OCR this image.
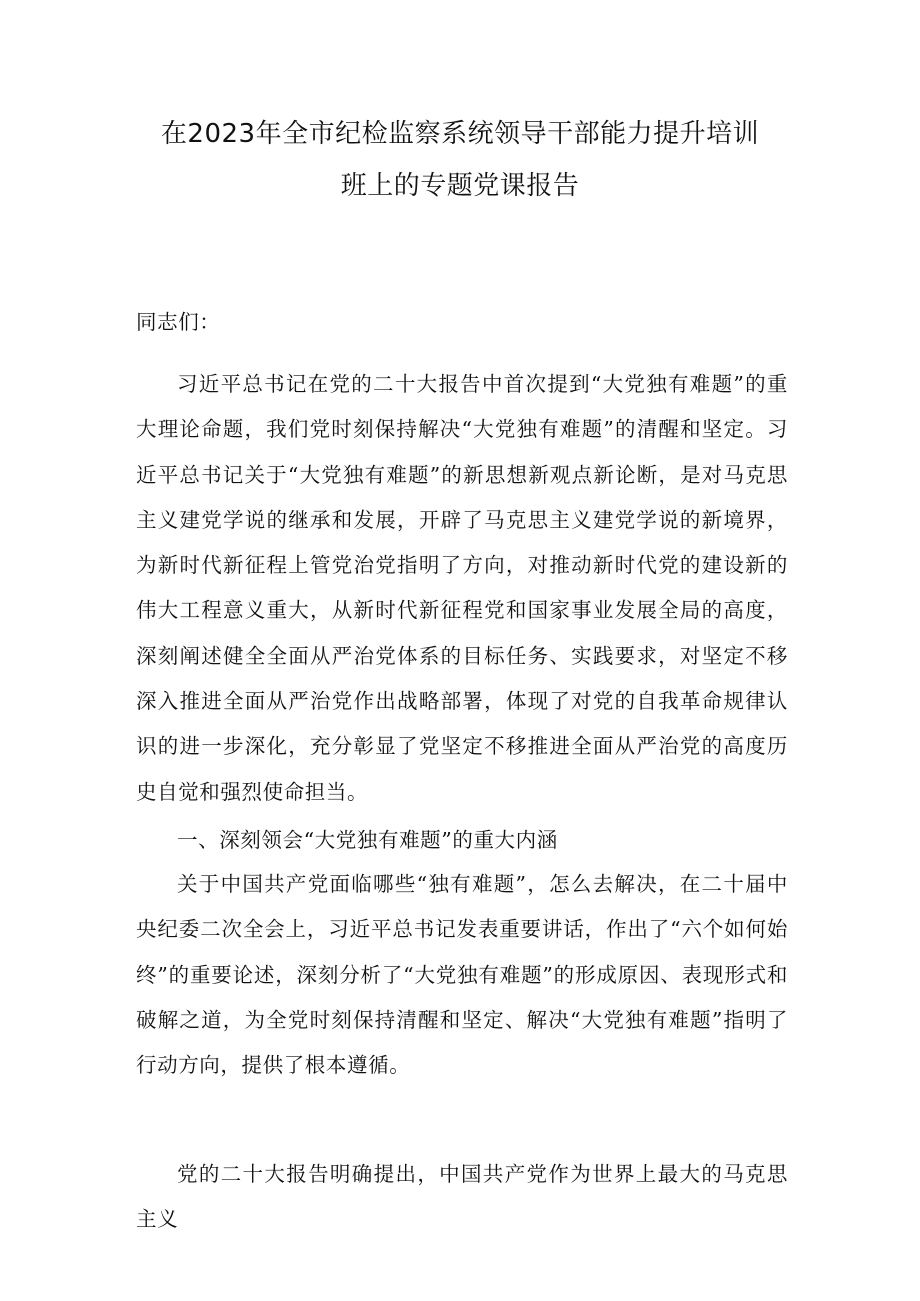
在2023年全市纪检监察系统领导干部能力提升培训
班上的专题党课报告

同志们：

习近平总书记在党的二十大报告中首次提到“大党独有难题”的重大理论命题，我们党时刻保持解决“大党独有难题”的清醒和坚定。习近平总书记关于“大党独有难题”的新思想新观点新论断，是对马克思主义建党学说的继承和发展，开辟了马克思主义建党学说的新境界，为新时代新征程上管党治党指明了方向，对推动新时代党的建设新的伟大工程意义重大，从新时代新征程党和国家事业发展全局的高度，深刻阐述健全全面从严治党体系的目标任务、实践要求，对坚定不移深入推进全面从严治党作出战略部署，体现了对党的自我革命规律认识的进一步深化，充分彰显了党坚定不移推进全面从严治党的高度历史自觉和强烈使命担当。

一、深刻领会“大党独有难题”的重大内涵

关于中国共产党面临哪些“独有难题”，怎么去解决，在二十届中央纪委二次全会上，习近平总书记发表重要讲话，作出了“六个如何始终”的重要论述，深刻分析了“大党独有难题”的形成原因、表现形式和破解之道，为全党时刻保持清醒和坚定、解决“大党独有难题”指明了行动方向，提供了根本遵循。

党的二十大报告明确提出，中国共产党作为世界上最大的马克思主义
